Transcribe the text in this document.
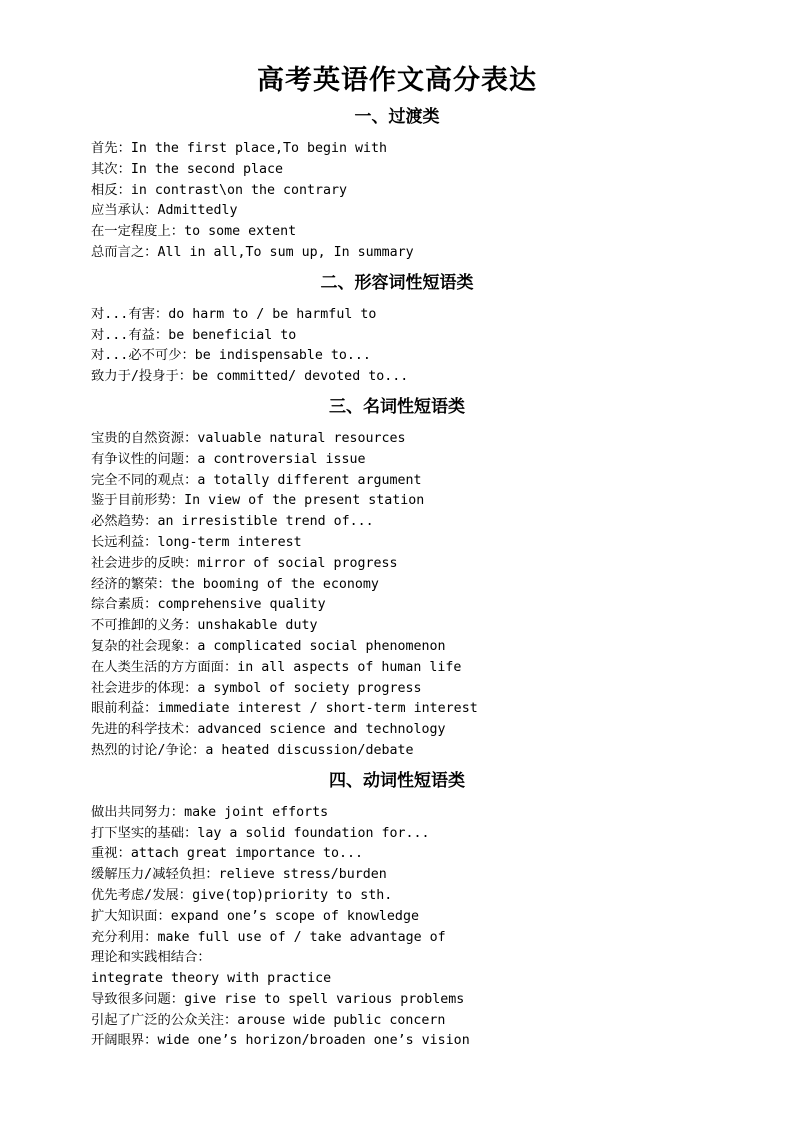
高考英语作文高分表达
一、过渡类
首先：In the first place,To begin with
其次：In the second place
相反：in contrast\on the contrary
应当承认：Admittedly
在一定程度上：to some extent
总而言之：All in all,To sum up, In summary
二、形容词性短语类
对...有害：do harm to / be harmful to
对...有益：be beneficial to
对...必不可少：be indispensable to...
致力于/投身于：be committed/ devoted to...
三、名词性短语类
宝贵的自然资源：valuable natural resources
有争议性的问题：a controversial issue
完全不同的观点：a totally different argument
鉴于目前形势：In view of the present station
必然趋势：an irresistible trend of...
长远利益：long-term interest
社会进步的反映：mirror of social progress
经济的繁荣：the booming of the economy
综合素质：comprehensive quality
不可推卸的义务：unshakable duty
复杂的社会现象：a complicated social phenomenon
在人类生活的方方面面：in all aspects of human life
社会进步的体现：a symbol of society progress
眼前利益：immediate interest / short-term interest
先进的科学技术：advanced science and technology
热烈的讨论/争论：a heated discussion/debate
四、动词性短语类
做出共同努力：make joint efforts
打下坚实的基础：lay a solid foundation for...
重视：attach great importance to...
缓解压力/减轻负担：relieve stress/burden
优先考虑/发展：give(top)priority to sth.
扩大知识面：expand one’s scope of knowledge
充分利用：make full use of / take advantage of
理论和实践相结合：
integrate theory with practice
导致很多问题：give rise to spell various problems
引起了广泛的公众关注：arouse wide public concern
开阔眼界：wide one’s horizon/broaden one’s vision
